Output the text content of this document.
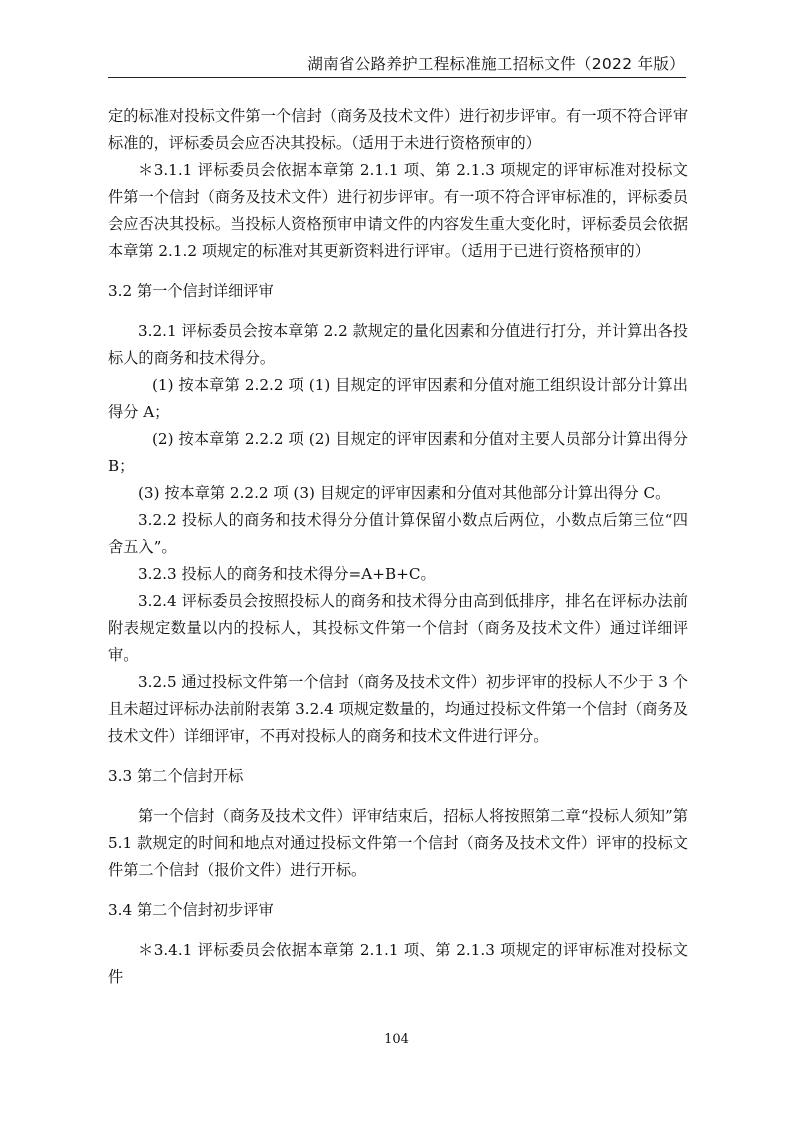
湖南省公路养护工程标准施工招标文件（2022 年版）

定的标准对投标文件第一个信封（商务及技术文件）进行初步评审。有一项不符合评审标准的，评标委员会应否决其投标。（适用于未进行资格预审的）

＊3.1.1 评标委员会依据本章第 2.1.1 项、第 2.1.3 项规定的评审标准对投标文件第一个信封（商务及技术文件）进行初步评审。有一项不符合评审标准的，评标委员会应否决其投标。当投标人资格预审申请文件的内容发生重大变化时，评标委员会依据本章第 2.1.2 项规定的标准对其更新资料进行评审。（适用于已进行资格预审的）

3.2 第一个信封详细评审

3.2.1 评标委员会按本章第 2.2 款规定的量化因素和分值进行打分，并计算出各投标人的商务和技术得分。

(1) 按本章第 2.2.2 项 (1) 目规定的评审因素和分值对施工组织设计部分计算出得分 A；

(2) 按本章第 2.2.2 项 (2) 目规定的评审因素和分值对主要人员部分计算出得分 B；

(3) 按本章第 2.2.2 项 (3) 目规定的评审因素和分值对其他部分计算出得分 C。

3.2.2 投标人的商务和技术得分分值计算保留小数点后两位，小数点后第三位“四舍五入”。

3.2.3 投标人的商务和技术得分=A+B+C。

3.2.4 评标委员会按照投标人的商务和技术得分由高到低排序，排名在评标办法前附表规定数量以内的投标人，其投标文件第一个信封（商务及技术文件）通过详细评审。

3.2.5 通过投标文件第一个信封（商务及技术文件）初步评审的投标人不少于 3 个且未超过评标办法前附表第 3.2.4 项规定数量的，均通过投标文件第一个信封（商务及技术文件）详细评审，不再对投标人的商务和技术文件进行评分。

3.3 第二个信封开标

第一个信封（商务及技术文件）评审结束后，招标人将按照第二章“投标人须知”第 5.1 款规定的时间和地点对通过投标文件第一个信封（商务及技术文件）评审的投标文件第二个信封（报价文件）进行开标。

3.4 第二个信封初步评审

＊3.4.1 评标委员会依据本章第 2.1.1 项、第 2.1.3 项规定的评审标准对投标文件

104
